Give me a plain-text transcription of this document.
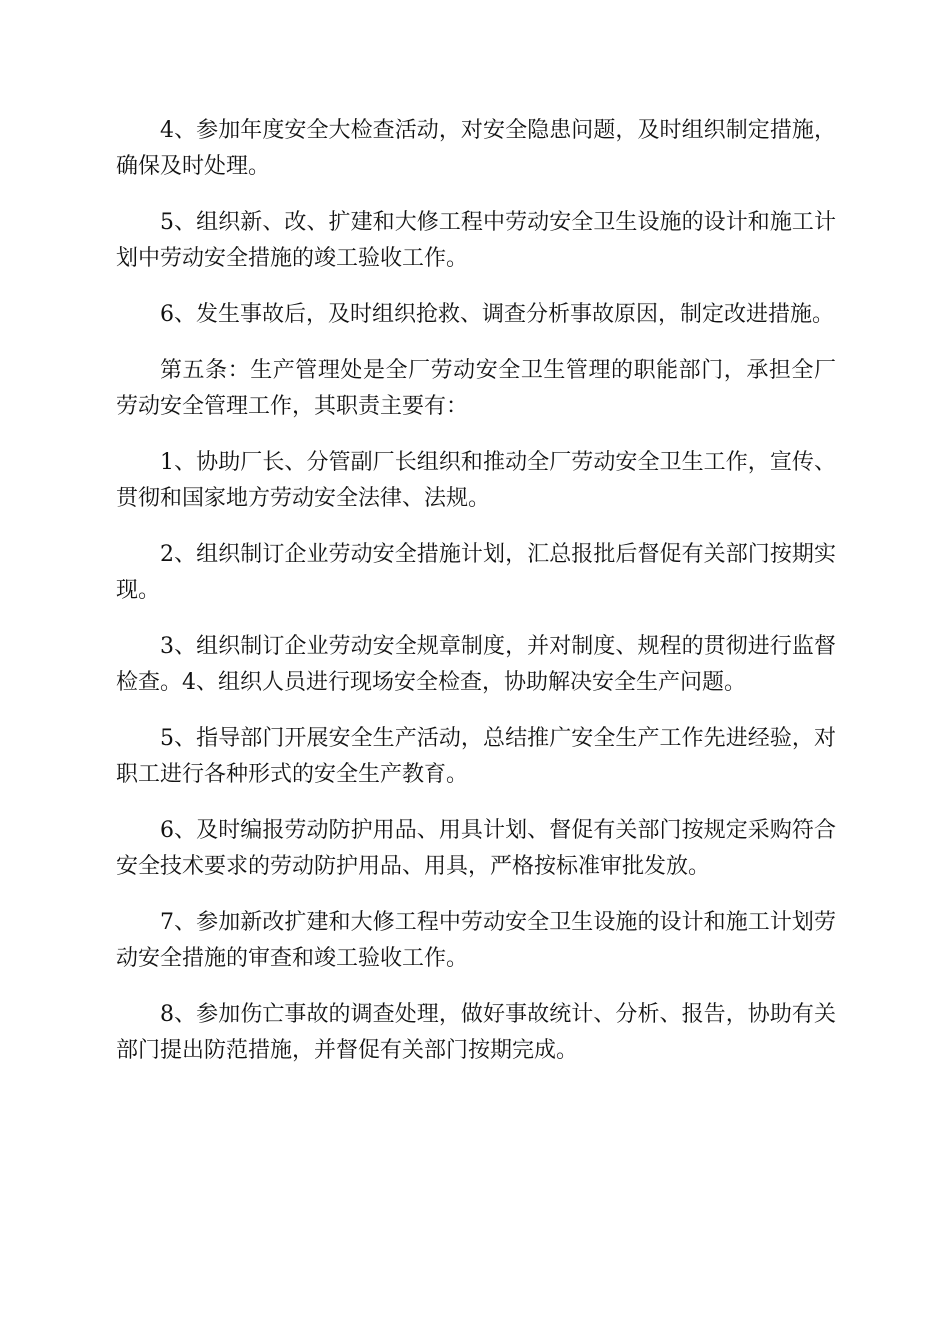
4、参加年度安全大检查活动，对安全隐患问题，及时组织制定措施，确保及时处理。

5、组织新、改、扩建和大修工程中劳动安全卫生设施的设计和施工计划中劳动安全措施的竣工验收工作。

6、发生事故后，及时组织抢救、调查分析事故原因，制定改进措施。

第五条：生产管理处是全厂劳动安全卫生管理的职能部门，承担全厂劳动安全管理工作，其职责主要有：

1、协助厂长、分管副厂长组织和推动全厂劳动安全卫生工作，宣传、贯彻和国家地方劳动安全法律、法规。

2、组织制订企业劳动安全措施计划，汇总报批后督促有关部门按期实现。

3、组织制订企业劳动安全规章制度，并对制度、规程的贯彻进行监督检查。4、组织人员进行现场安全检查，协助解决安全生产问题。

5、指导部门开展安全生产活动，总结推广安全生产工作先进经验，对职工进行各种形式的安全生产教育。

6、及时编报劳动防护用品、用具计划、督促有关部门按规定采购符合安全技术要求的劳动防护用品、用具，严格按标准审批发放。

7、参加新改扩建和大修工程中劳动安全卫生设施的设计和施工计划劳动安全措施的审查和竣工验收工作。

8、参加伤亡事故的调查处理，做好事故统计、分析、报告，协助有关部门提出防范措施，并督促有关部门按期完成。
